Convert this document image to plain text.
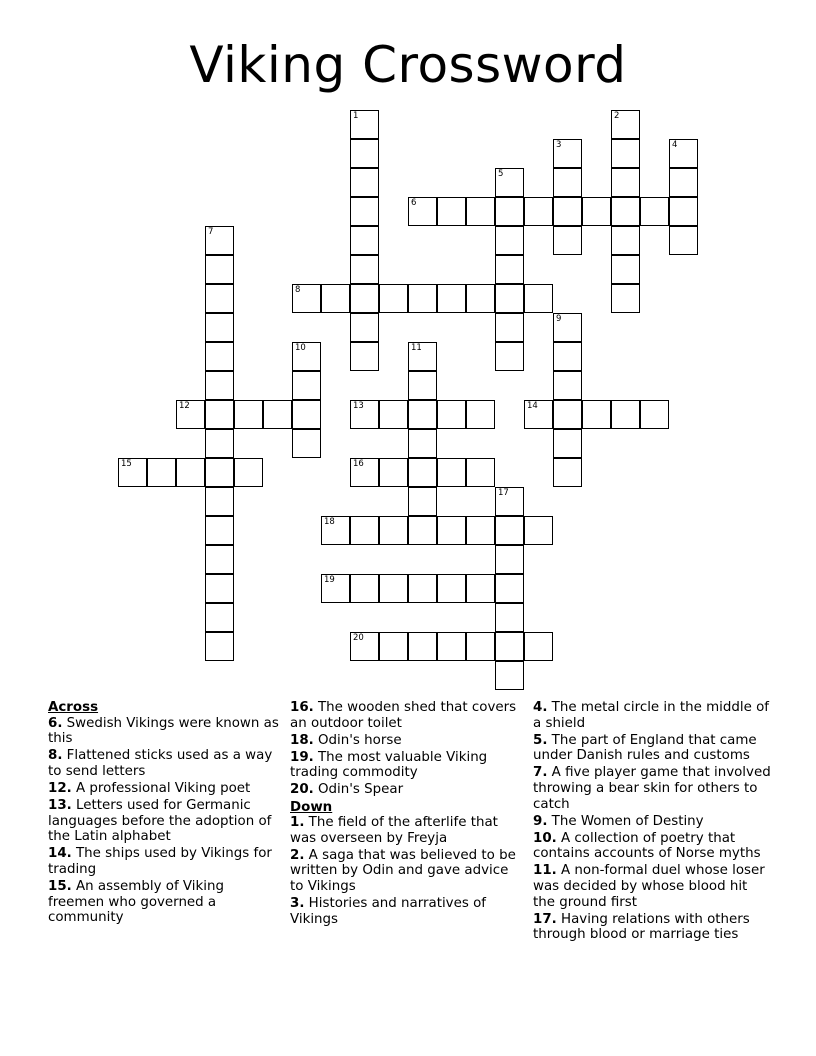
Viking Crossword
1	2
3	4
5
6
7
8
9
10	11
12	13	14
15	16
17
18
19
20
Across
6. Swedish Vikings were known as this
8. Flattened sticks used as a way to send letters
12. A professional Viking poet
13. Letters used for Germanic languages before the adoption of the Latin alphabet
14. The ships used by Vikings for trading
15. An assembly of Viking freemen who governed a community
16. The wooden shed that covers an outdoor toilet
18. Odin's horse
19. The most valuable Viking trading commodity
20. Odin's Spear
Down
1. The field of the afterlife that was overseen by Freyja
2. A saga that was believed to be written by Odin and gave advice to Vikings
3. Histories and narratives of Vikings
4. The metal circle in the middle of a shield
5. The part of England that came under Danish rules and customs
7. A five player game that involved throwing a bear skin for others to catch
9. The Women of Destiny
10. A collection of poetry that contains accounts of Norse myths
11. A non-formal duel whose loser was decided by whose blood hit the ground first
17. Having relations with others through blood or marriage ties
